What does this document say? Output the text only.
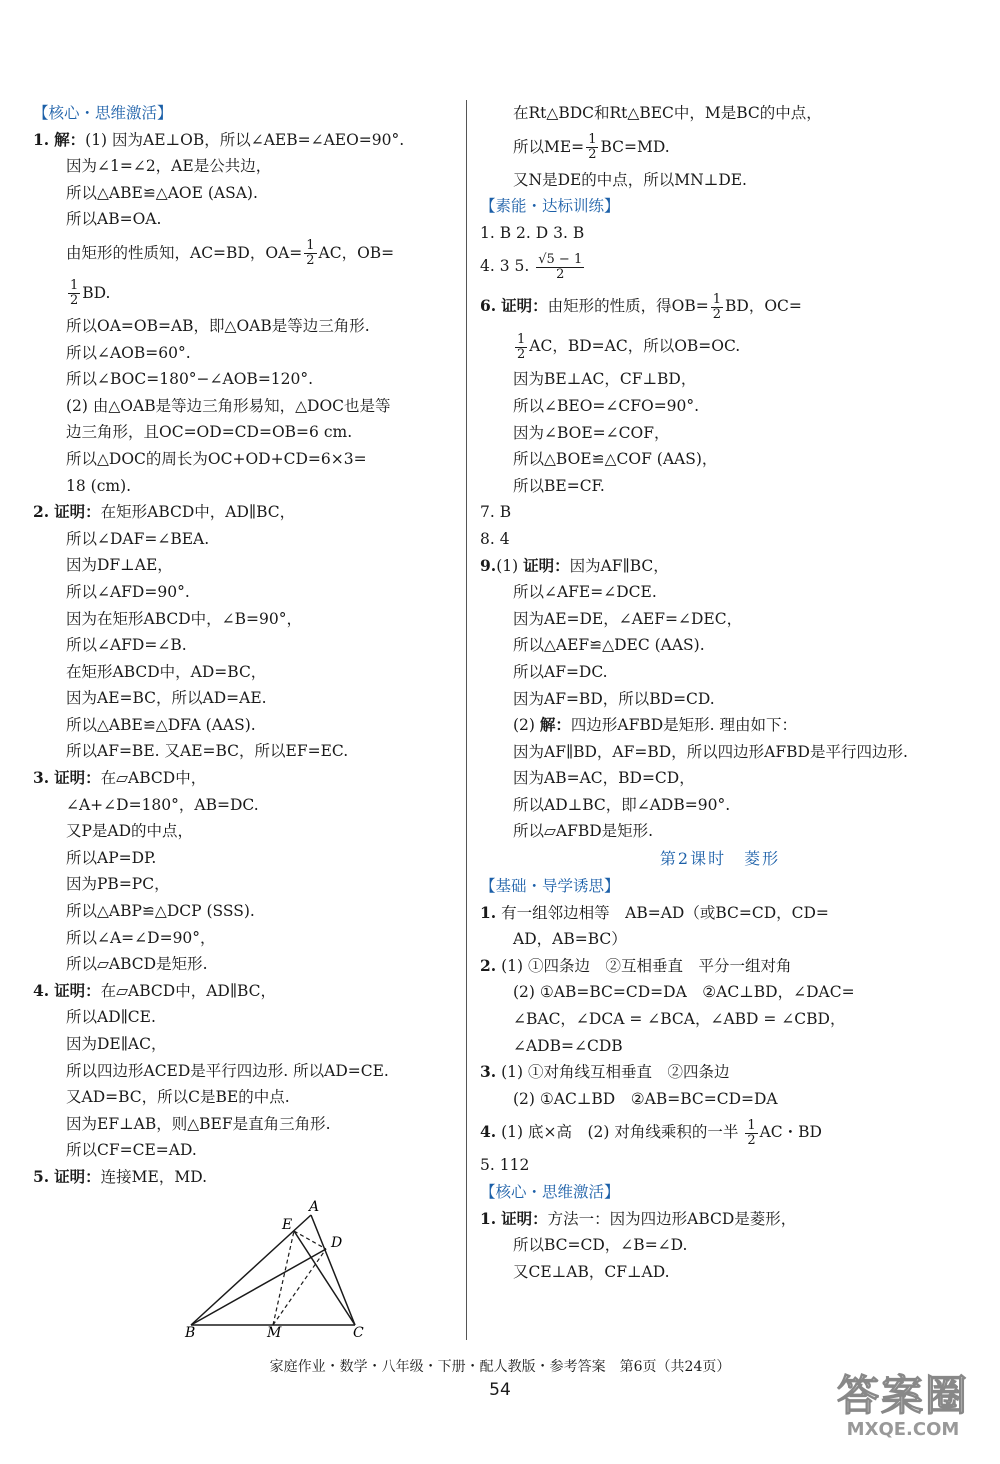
【核心・思维激活】
1. 解：(1) 因为AE⊥OB，所以∠AEB=∠AEO=90°.
因为∠1=∠2，AE是公共边，
所以△ABE≌△AOE (ASA).
所以AB=OA.
由矩形的性质知，AC=BD，$OA= \frac{1}{2}$ AC，OB=
$\frac{1}{2}$ BD.
所以OA=OB=AB，即△OAB是等边三角形.
所以∠AOB=60°.
所以∠BOC=180°−∠AOB=120°.
(2) 由△OAB是等边三角形易知，△DOC也是等
边三角形，且OC=OD=CD=OB=6 cm.
所以△DOC的周长为OC+OD+CD=6×3=
18 (cm).
2. 证明：在矩形ABCD中，AD∥BC，
所以∠DAF=∠BEA.
因为DF⊥AE，
所以∠AFD=90°.
因为在矩形ABCD中，∠B=90°，
所以∠AFD=∠B.
在矩形ABCD中，AD=BC，
因为AE=BC，所以AD=AE.
所以△ABE≌△DFA (AAS).
所以AF=BE. 又AE=BC，所以EF=EC.
3. 证明：在▱ABCD中，
∠A+∠D=180°，AB=DC.
又P是AD的中点，
所以AP=DP.
因为PB=PC，
所以△ABP≌△DCP (SSS).
所以∠A=∠D=90°，
所以▱ABCD是矩形.
4. 证明：在▱ABCD中，AD∥BC，
所以AD∥CE.
因为DE∥AC，
所以四边形ACED是平行四边形. 所以AD=CE.
又AD=BC，所以C是BE的中点.
因为EF⊥AB，则△BEF是直角三角形.
所以CF=CE=AD.
5. 证明：连接ME，MD.
A
E
D
B	M	C
在Rt△BDC和Rt△BEC中，M是BC的中点，
所以$ME= \frac{1}{2} BC=MD$.
又N是DE的中点，所以MN⊥DE.
【素能・达标训练】
1. B 2. D 3. B
4. 3 5. $\frac{√5 - 1}{2}$
6. 证明：由矩形的性质，得$OB= \frac{1}{2}$ BD，OC=
$\frac{1}{2}$ AC，BD=AC，所以OB=OC.
因为BE⊥AC，CF⊥BD，
所以∠BEO=∠CFO=90°.
因为∠BOE=∠COF，
所以△BOE≌△COF (AAS)，
所以BE=CF.
7. B
8. 4
9.(1) 证明：因为AF∥BC，
所以∠AFE=∠DCE.
因为AE=DE，∠AEF=∠DEC，
所以△AEF≌△DEC (AAS).
所以AF=DC.
因为AF=BD，所以BD=CD.
(2) 解：四边形AFBD是矩形. 理由如下：
因为AF∥BD，AF=BD，所以四边形AFBD是平行四边形.
因为AB=AC，BD=CD，
所以AD⊥BC，即∠ADB=90°.
所以▱AFBD是矩形.
第2课时　菱形
【基础・导学诱思】
1. 有一组邻边相等　AB=AD（或BC=CD，CD=
AD，AB=BC）
2. (1) ①四条边　②互相垂直　平分一组对角
(2) ①AB=BC=CD=DA　②AC⊥BD，∠DAC=
∠BAC，∠DCA = ∠BCA，∠ABD = ∠CBD，
∠ADB=∠CDB
3. (1) ①对角线互相垂直　②四条边
(2) ①AC⊥BD　②AB=BC=CD=DA
4. (1) 底×高　(2) 对角线乘积的一半 $\frac{1}{2}$ AC・BD
5. 112
【核心・思维激活】
1. 证明：方法一：因为四边形ABCD是菱形，
所以BC=CD，∠B=∠D.
又CE⊥AB，CF⊥AD.
家庭作业・数学・八年级・下册・配人教版・参考答案　第6页（共24页）
54	答案圈
MXQE.COM
